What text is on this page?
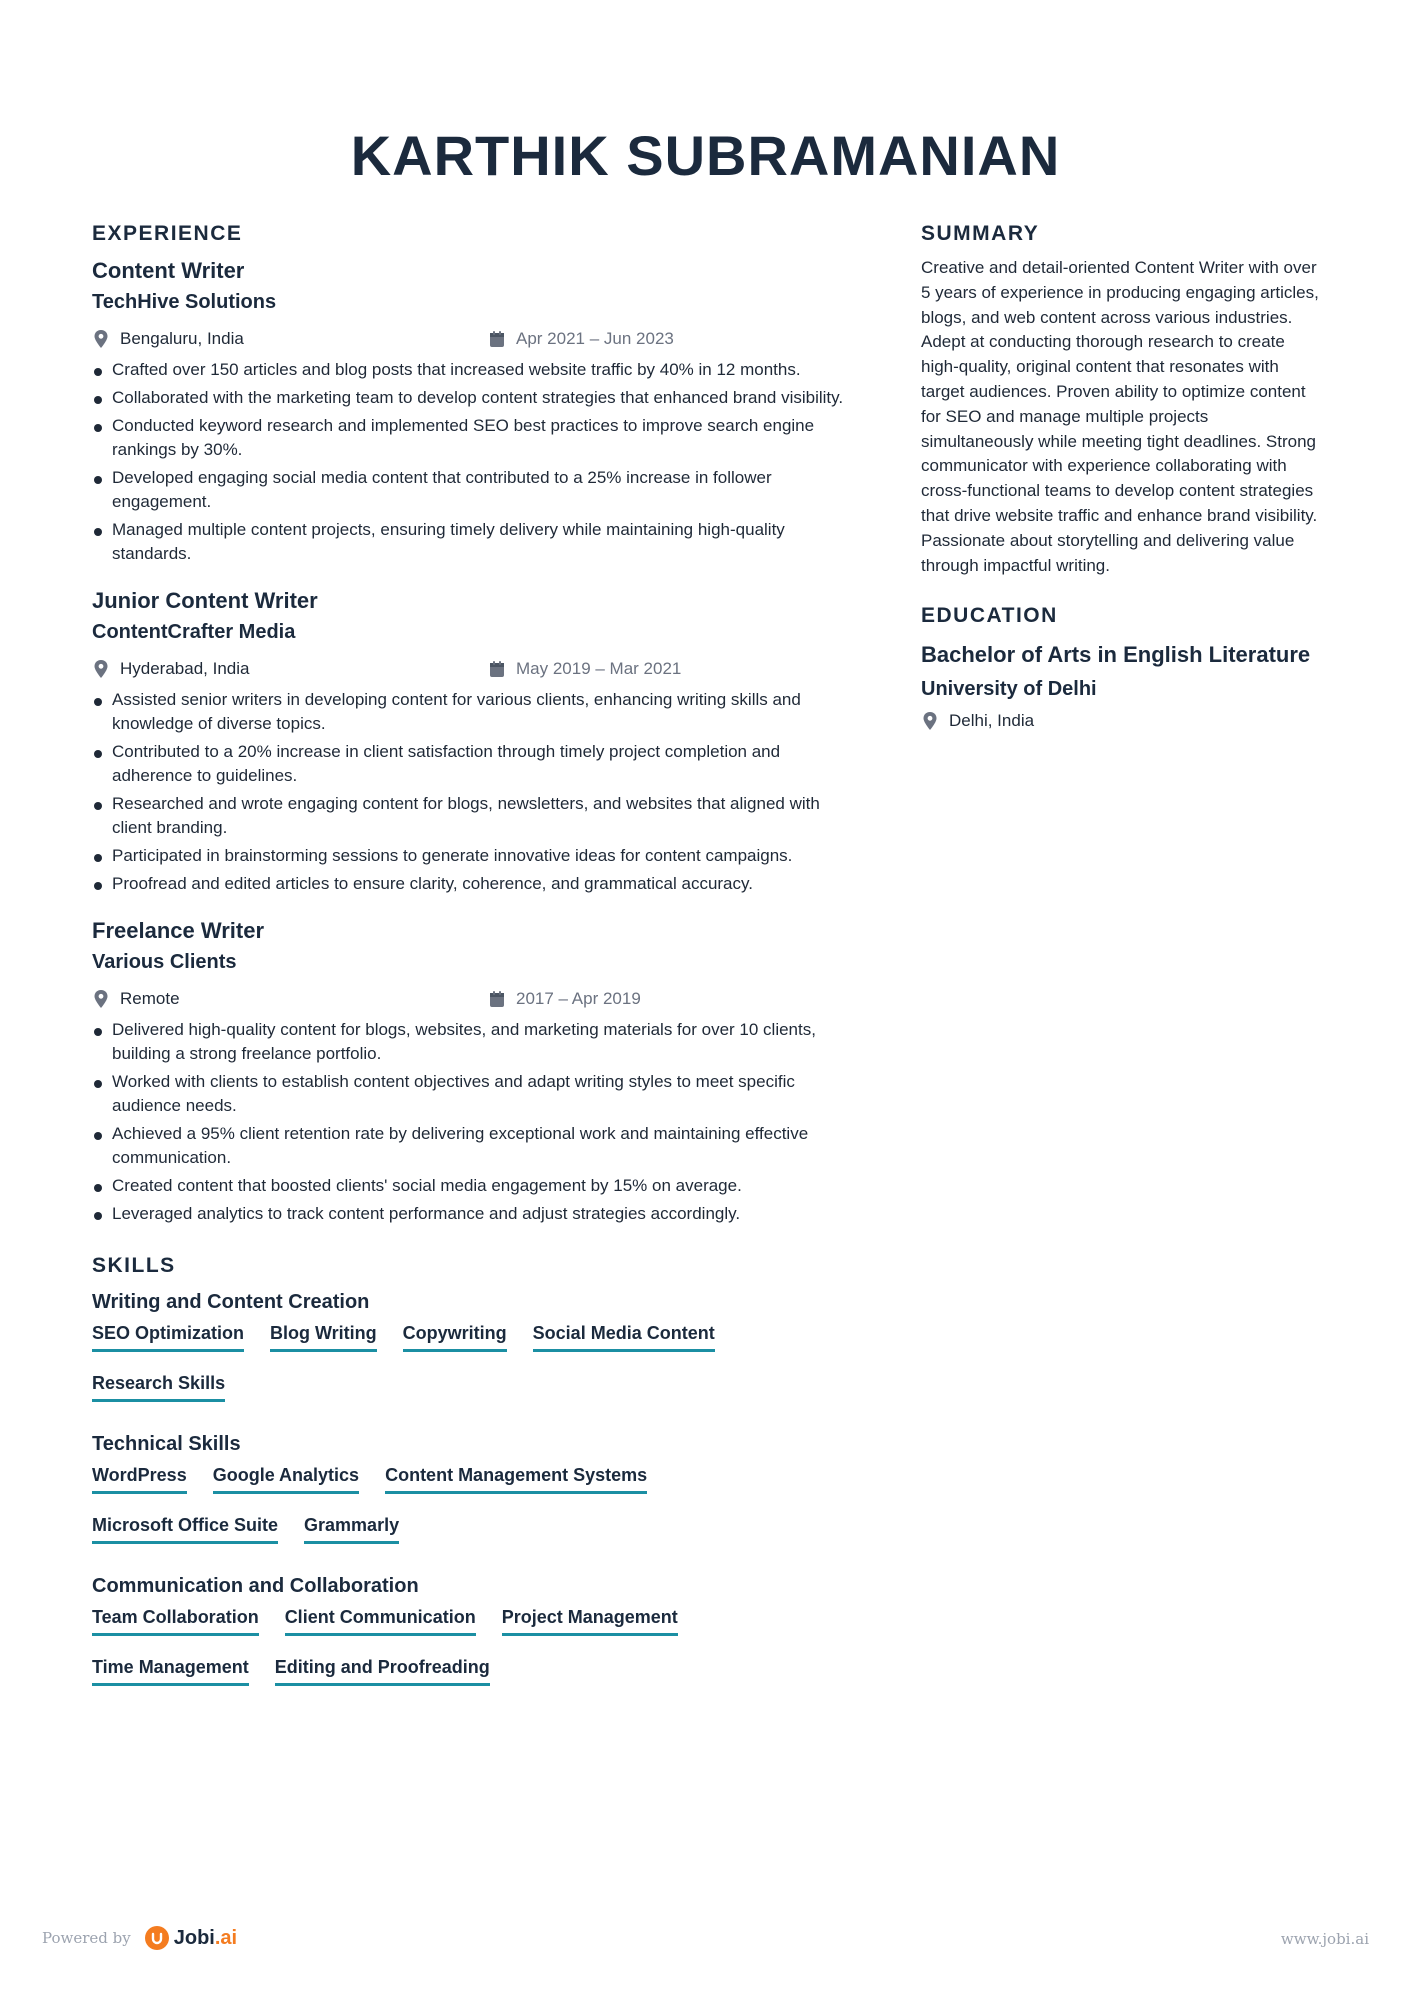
KARTHIK SUBRAMANIAN
EXPERIENCE
Content Writer
TechHive Solutions
Bengaluru, India	Apr 2021 – Jun 2023
Crafted over 150 articles and blog posts that increased website traffic by 40% in 12 months.
Collaborated with the marketing team to develop content strategies that enhanced brand visibility.
Conducted keyword research and implemented SEO best practices to improve search engine rankings by 30%.
Developed engaging social media content that contributed to a 25% increase in follower engagement.
Managed multiple content projects, ensuring timely delivery while maintaining high-quality standards.
Junior Content Writer
ContentCrafter Media
Hyderabad, India	May 2019 – Mar 2021
Assisted senior writers in developing content for various clients, enhancing writing skills and knowledge of diverse topics.
Contributed to a 20% increase in client satisfaction through timely project completion and adherence to guidelines.
Researched and wrote engaging content for blogs, newsletters, and websites that aligned with client branding.
Participated in brainstorming sessions to generate innovative ideas for content campaigns.
Proofread and edited articles to ensure clarity, coherence, and grammatical accuracy.
Freelance Writer
Various Clients
Remote	2017 – Apr 2019
Delivered high-quality content for blogs, websites, and marketing materials for over 10 clients, building a strong freelance portfolio.
Worked with clients to establish content objectives and adapt writing styles to meet specific audience needs.
Achieved a 95% client retention rate by delivering exceptional work and maintaining effective communication.
Created content that boosted clients' social media engagement by 15% on average.
Leveraged analytics to track content performance and adjust strategies accordingly.
SKILLS
Writing and Content Creation
SEO Optimization Blog Writing Copywriting Social Media Content
Research Skills
Technical Skills
WordPress Google Analytics Content Management Systems
Microsoft Office Suite Grammarly
Communication and Collaboration
Team Collaboration Client Communication Project Management
Time Management Editing and Proofreading
SUMMARY

Creative and detail-oriented Content Writer with over 5 years of experience in producing engaging articles, blogs, and web content across various industries. Adept at conducting thorough research to create high-quality, original content that resonates with target audiences. Proven ability to optimize content for SEO and manage multiple projects simultaneously while meeting tight deadlines. Strong communicator with experience collaborating with cross-functional teams to develop content strategies that drive website traffic and enhance brand visibility. Passionate about storytelling and delivering value through impactful writing.

EDUCATION
Bachelor of Arts in English Literature
University of Delhi
Delhi, India
Powered by Jobi.ai	www.jobi.ai
